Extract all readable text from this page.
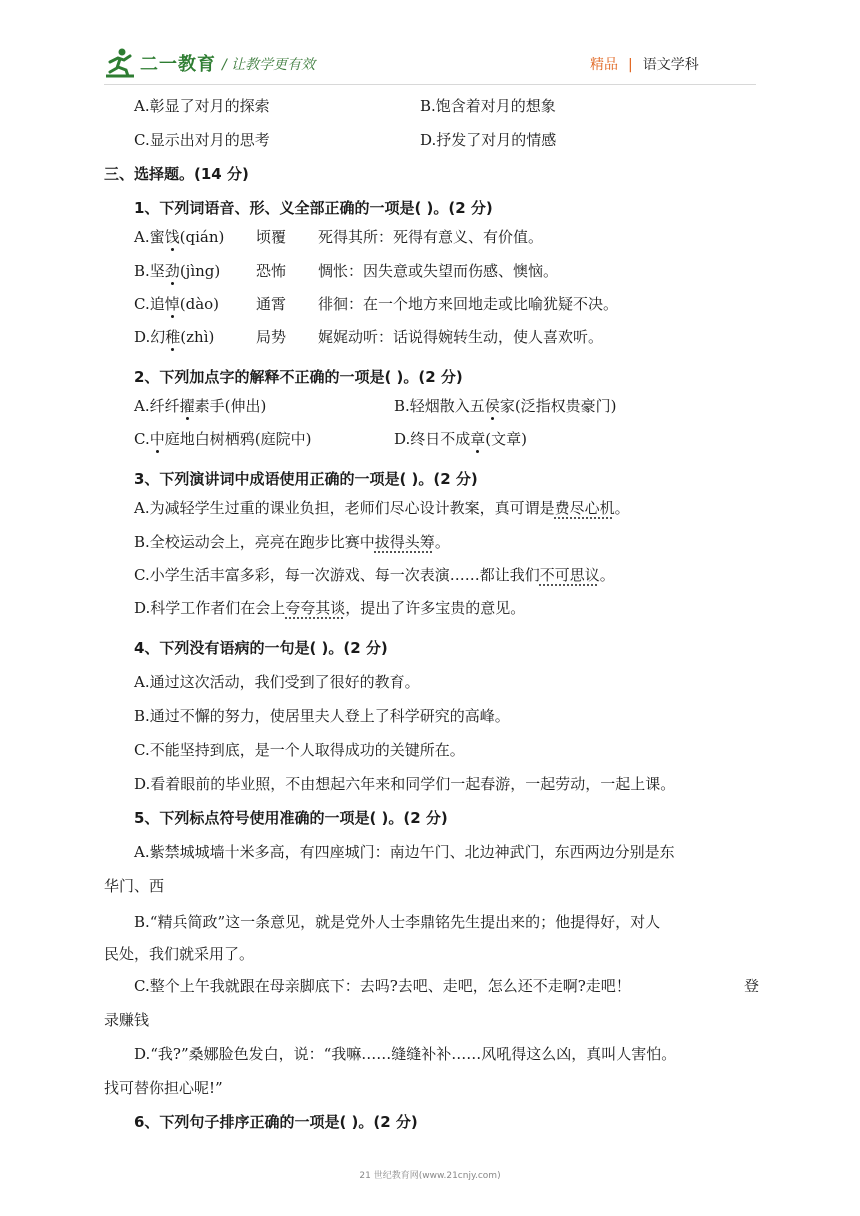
二一教育 / 让教学更有效	精品 | 语文学科
A.彰显了对月的探索	B.饱含着对月的想象
C.显示出对月的思考	D.抒发了对月的情感
三、选择题。(14 分)
1、下列词语音、形、义全部正确的一项是( )。(2 分)
A.蜜饯(qián) 顷覆 死得其所：死得有意义、有价值。
B.坚劲(jìng) 恐怖 惆怅：因失意或失望而伤感、懊恼。
C.追悼(dào) 通霄 徘徊：在一个地方来回地走或比喻犹疑不决。
D.幻稚(zhì)	局势 娓娓动听：话说得婉转生动，使人喜欢听。
2、下列加点字的解释不正确的一项是( )。(2 分)
A.纤纤擢素手(伸出)	B.轻烟散入五侯家(泛指权贵豪门)
C.中庭地白树栖鸦(庭院中)	D.终日不成章(文章)
3、下列演讲词中成语使用正确的一项是( )。(2 分)
A.为减轻学生过重的课业负担，老师们尽心设计教案，真可谓是费尽心机。
B.全校运动会上，亮亮在跑步比赛中拔得头筹。
C.小学生活丰富多彩，每一次游戏、每一次表演……都让我们不可思议。
D.科学工作者们在会上夸夸其谈，提出了许多宝贵的意见。
4、下列没有语病的一句是( )。(2 分)
A.通过这次活动，我们受到了很好的教育。
B.通过不懈的努力，使居里夫人登上了科学研究的高峰。
C.不能坚持到底，是一个人取得成功的关键所在。
D.看着眼前的毕业照，不由想起六年来和同学们一起春游，一起劳动，一起上课。
5、下列标点符号使用准确的一项是( )。(2 分)
A.紫禁城城墙十米多高，有四座城门：南边午门、北边神武门，东西两边分别是东
华门、西
B.“精兵简政”这一条意见，就是党外人士李鼎铭先生提出来的；他提得好，对人
民处，我们就采用了。
C.整个上午我就跟在母亲脚底下：去吗?去吧、走吧，怎么还不走啊?走吧！	登
录赚钱
D.“我?”桑娜脸色发白，说：“我嘛……缝缝补补……风吼得这么凶，真叫人害怕。
找可替你担心呢!”
6、下列句子排序正确的一项是( )。(2 分)
21 世纪教育网(www.21cnjy.com)
